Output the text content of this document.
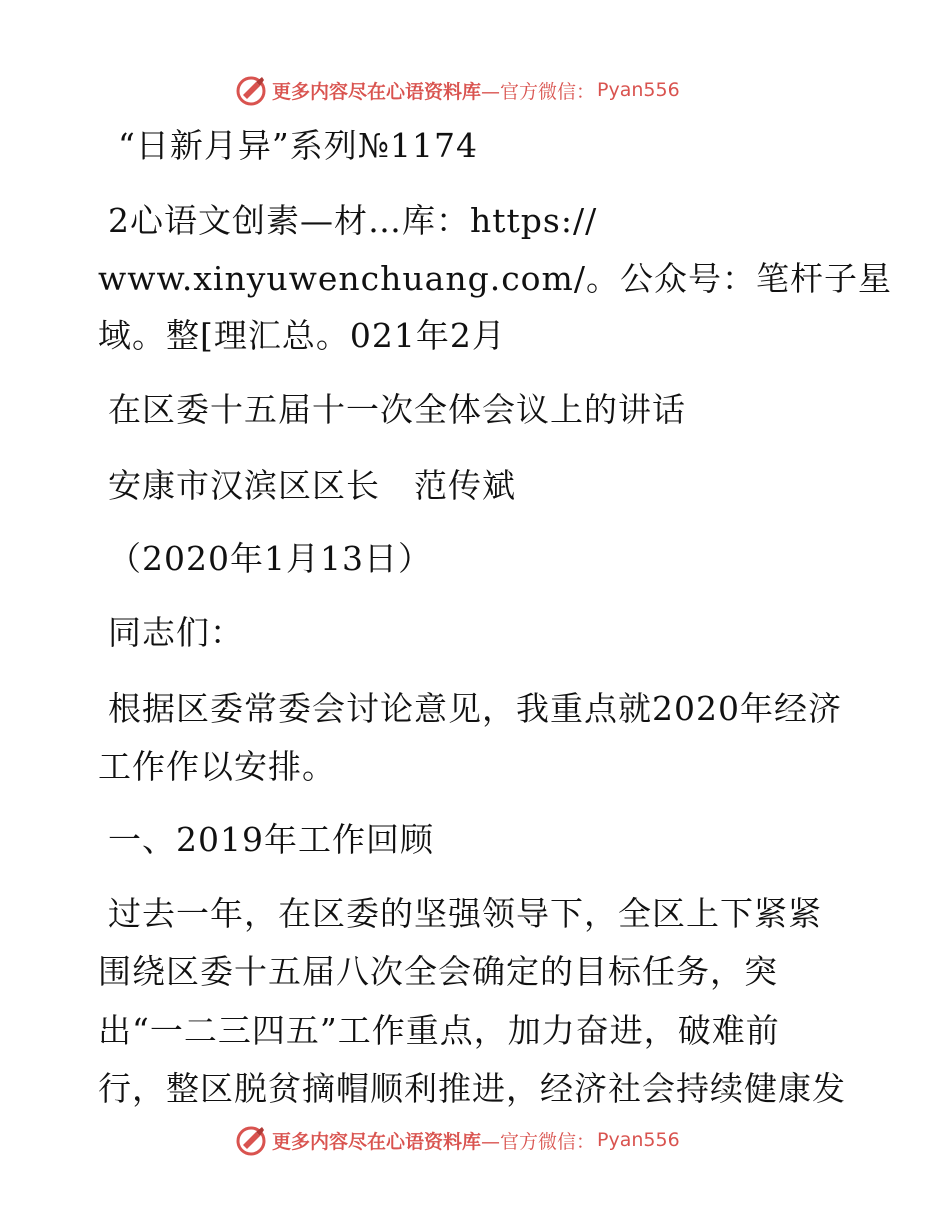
更多内容尽在心语资料库 —官方微信： Pyan556
“日新月异”系列№1174
2心语文创素—材…库：https://
www.xinyuwenchuang.com/。公众号：笔杆子星
域。整[理汇总。021年2月
在区委十五届十一次全体会议上的讲话
安康市汉滨区区长　范传斌
（2020年1月13日）
同志们：
根据区委常委会讨论意见，我重点就2020年经济
工作作以安排。
一、2019年工作回顾
过去一年，在区委的坚强领导下，全区上下紧紧
围绕区委十五届八次全会确定的目标任务，突
出“一二三四五”工作重点，加力奋进，破难前
行，整区脱贫摘帽顺利推进，经济社会持续健康发
更多内容尽在心语资料库 —官方微信： Pyan556
